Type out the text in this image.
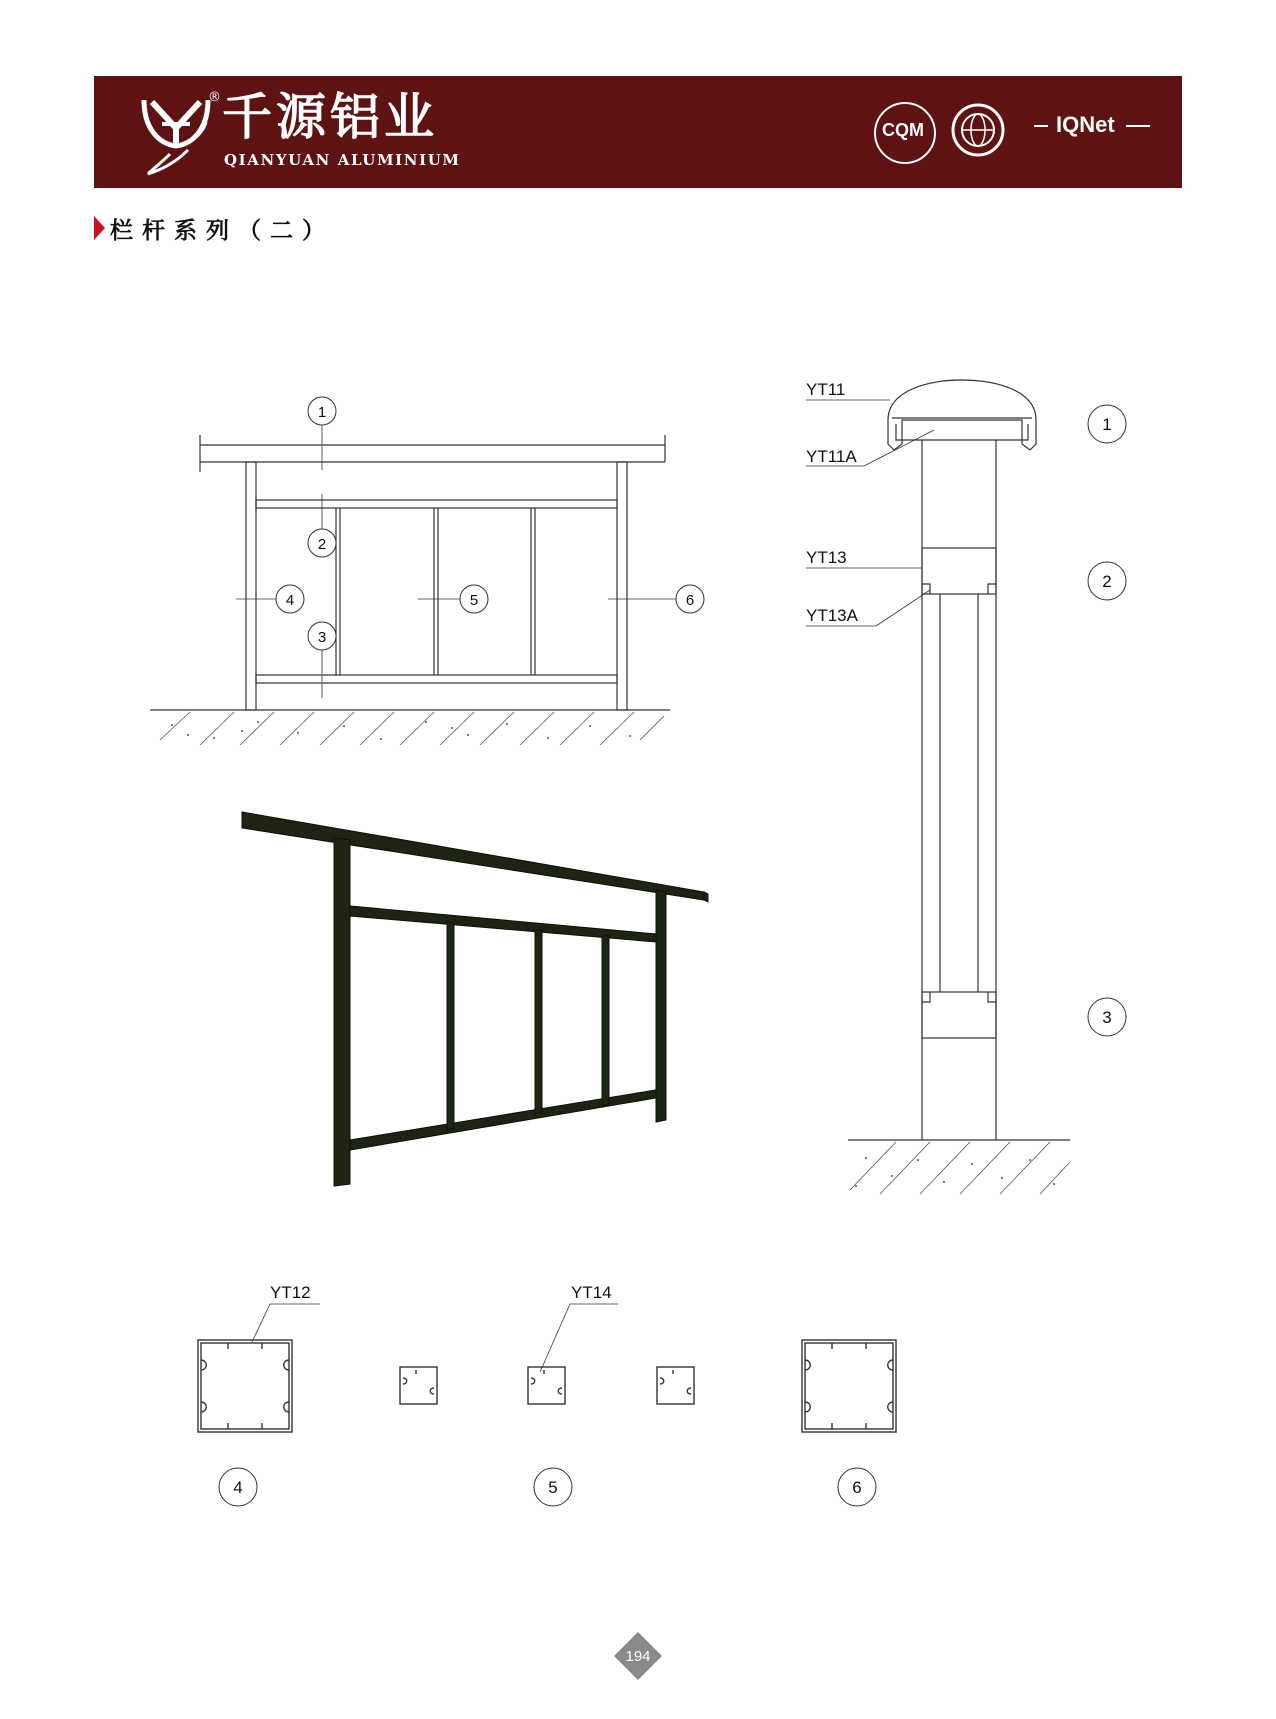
® 千源铝业
QIANYUAN ALUMINIUM
CQM	IQNet
栏杆系列（二）
1
2
3
4	5	6
YT11
YT11A
YT13
YT13A
1
2
3
YT12	YT14
4	5	6
194
